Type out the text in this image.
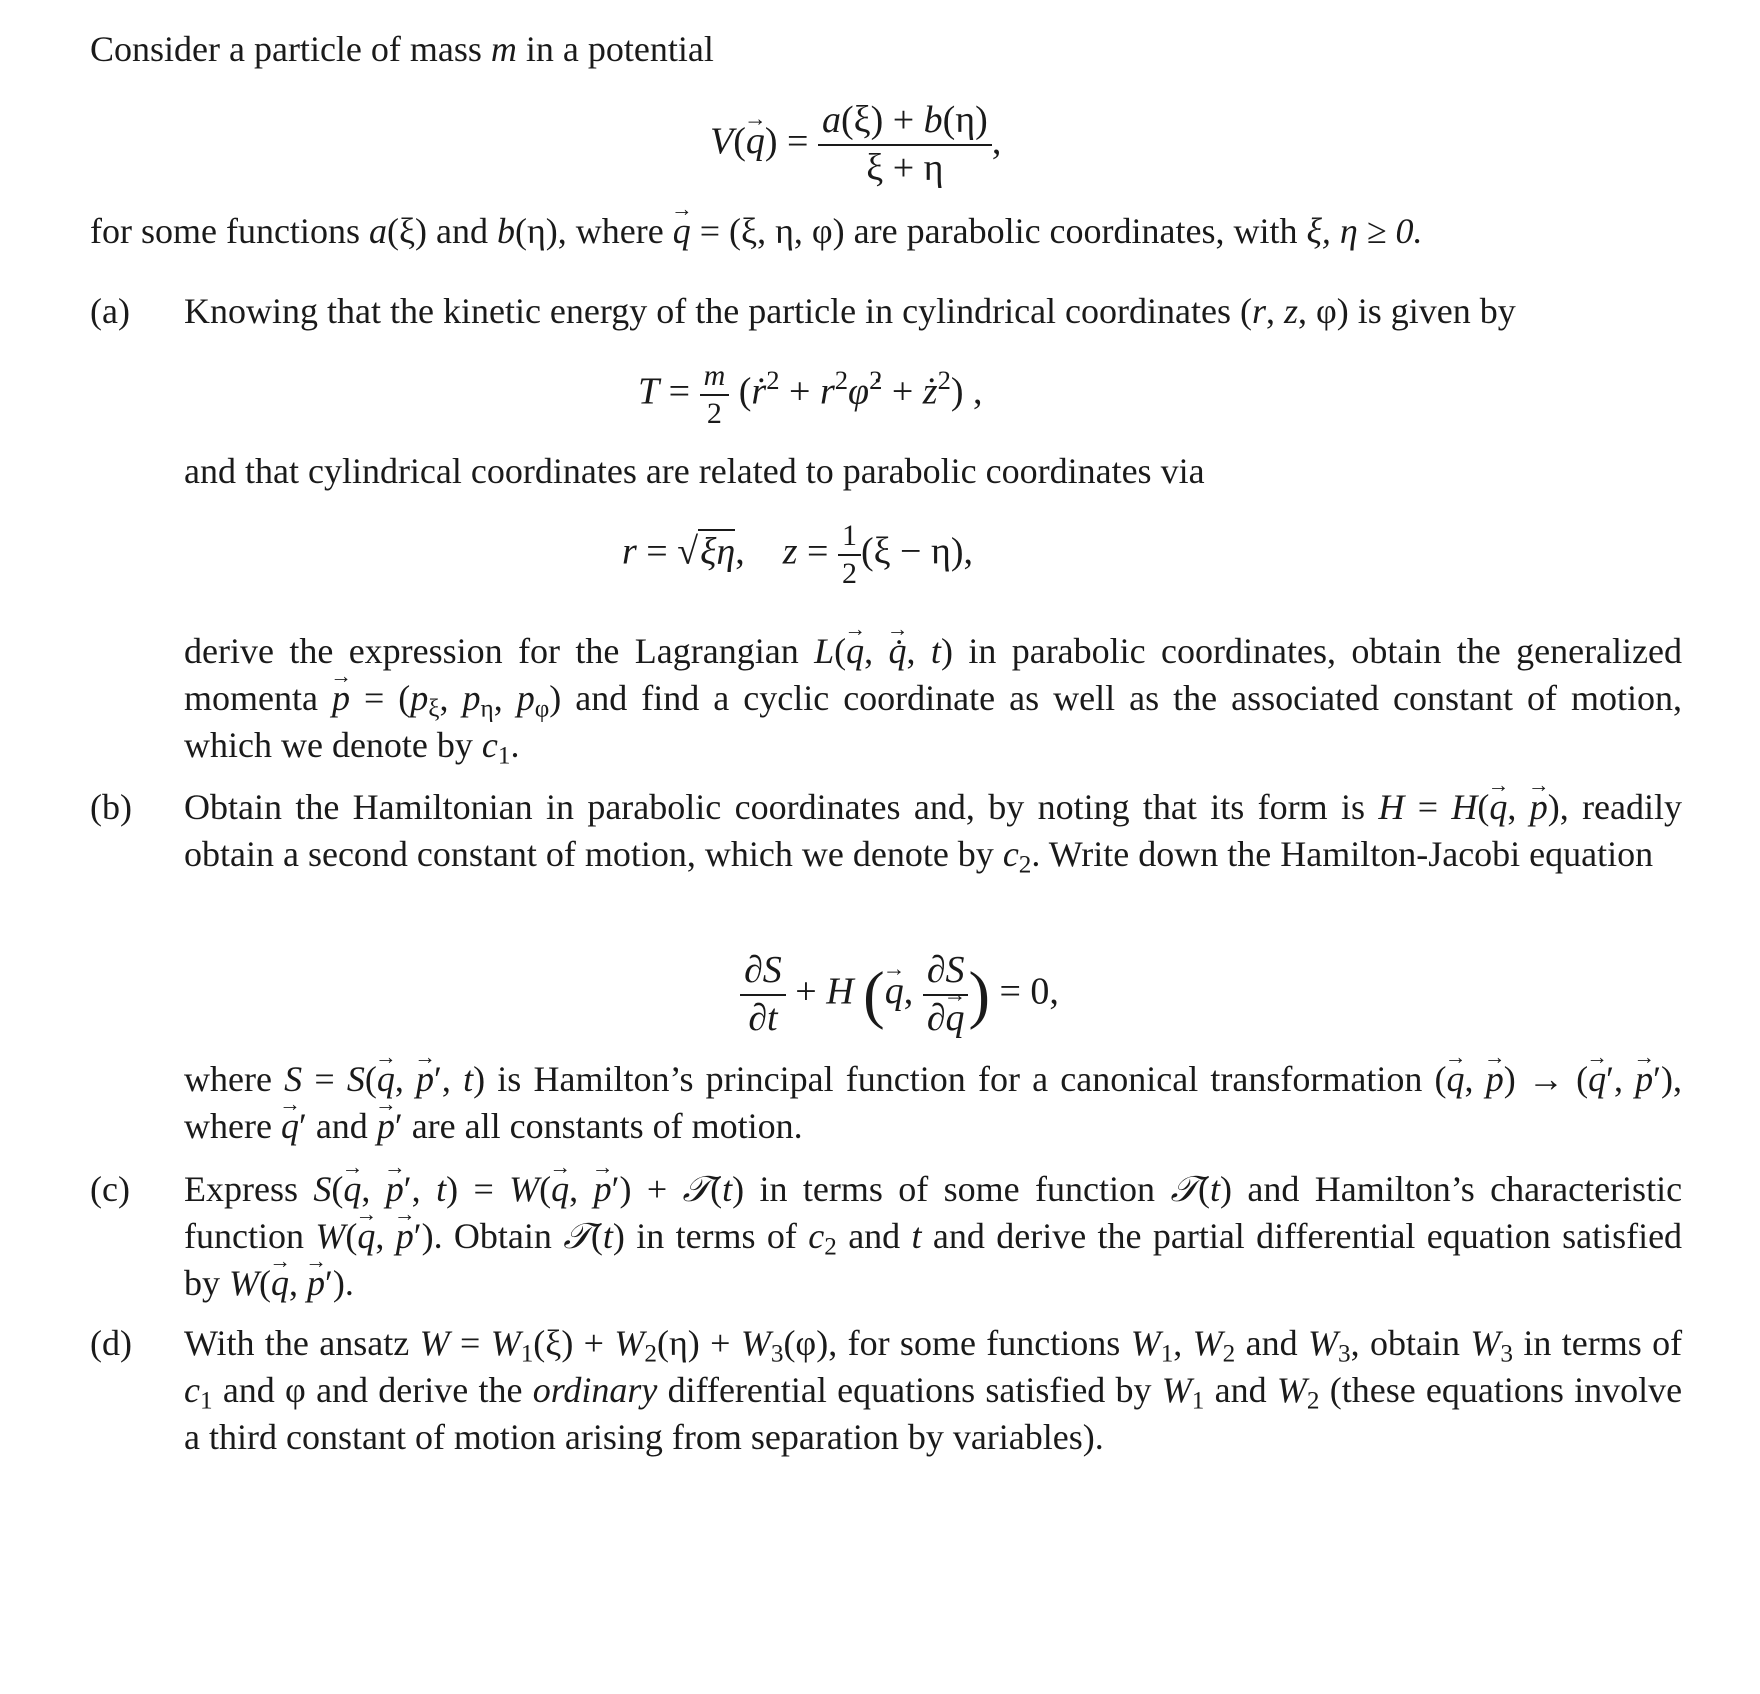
Consider a particle of mass m in a potential

$V(\to q) = \frac{a(\xi) + b(\eta)}{\xi + \eta}$ ,

for some functions a(ξ) and b(η), where → q = (ξ, η, φ) are parabolic coordinates, with ξ, η ≥ 0.

(a) Knowing that the kinetic energy of the particle in cylindrical coordinates (r, z, φ) is given by

$T = \frac{m}{2}$ (ṙ$^2$ + $r^2\varphi̇^2$ + $ż^2$) ,

and that cylindrical coordinates are related to parabolic coordinates via

r = √ξη,    $z = \frac{1}{2} (\xi - \eta)$,

derive the expression for the Lagrangian L(→ q, → q̇, t) in parabolic coordinates, obtain the generalized momenta → $p = (p_\xi$, $p_\eta$, $p_\varphi$) and find a cyclic coordinate as well as the associated constant of motion, which we denote by $c_1$.

(b) Obtain the Hamiltonian in parabolic coordinates and, by noting that its form is H = H(→ q, → p), readily obtain a second constant of motion, which we denote by $c_2$. Write down the Hamilton-Jacobi equation

$\frac{\partial S}{\partial t} + H$ (→ q, $\frac{\partial S}{\partial\to q}$ ) = 0,

where S = S(→ q, → p′, t) is Hamilton’s principal function for a canonical transformation (→ q, → p) → (→ q′, → p′), where → q′ and → p′ are all constants of motion.

(c) Express S(→ q, → p′, t) = W(→ q, → p′) + 𝒯(t) in terms of some function 𝒯(t) and Hamilton’s characteristic function W(→ q, → p′). Obtain 𝒯(t) in terms of $c_2$ and t and derive the partial differential equation satisfied by W(→ q, → p′).

(d) With the ansatz $W = W_1(\xi) + W_2(\eta) + W_3(\varphi)$, for some functions $W_1$, $W_2$ and $W_3$, obtain $W_3$ in terms of $c_1$ and φ and derive the ordinary differential equations satisfied by $W_1$ and $W_2$ (these equations involve a third constant of motion arising from separation by variables).
